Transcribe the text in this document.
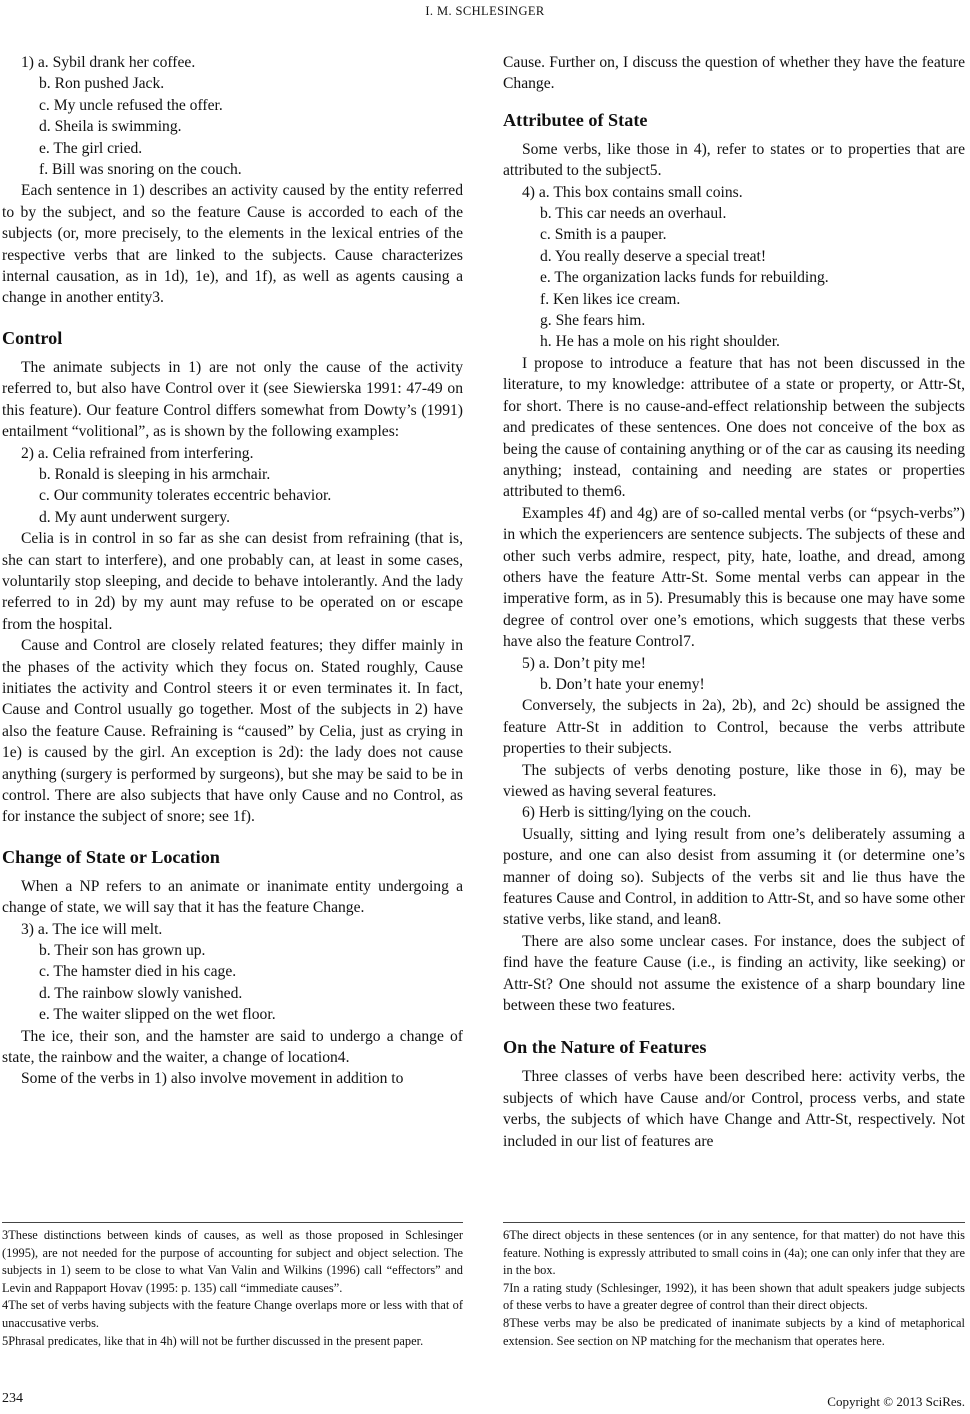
I. M. SCHLESINGER
1) a. Sybil drank her coffee.
b. Ron pushed Jack.
c. My uncle refused the offer.
d. Sheila is swimming.
e. The girl cried.
f. Bill was snoring on the couch.

Each sentence in 1) describes an activity caused by the entity referred to by the subject, and so the feature Cause is accorded to each of the subjects (or, more precisely, to the elements in the lexical entries of the respective verbs that are linked to the subjects. Cause characterizes internal causation, as in 1d), 1e), and 1f), as well as agents causing a change in another entity3.

Control

The animate subjects in 1) are not only the cause of the activity referred to, but also have Control over it (see Siewierska 1991: 47-49 on this feature). Our feature Control differs somewhat from Dowty’s (1991) entailment “volitional”, as is shown by the following examples:

2) a. Celia refrained from interfering.
b. Ronald is sleeping in his armchair.
c. Our community tolerates eccentric behavior.
d. My aunt underwent surgery.

Celia is in control in so far as she can desist from refraining (that is, she can start to interfere), and one probably can, at least in some cases, voluntarily stop sleeping, and decide to behave intolerantly. And the lady referred to in 2d) by my aunt may refuse to be operated on or escape from the hospital.

Cause and Control are closely related features; they differ mainly in the phases of the activity which they focus on. Stated roughly, Cause initiates the activity and Control steers it or even terminates it. In fact, Cause and Control usually go together. Most of the subjects in 2) have also the feature Cause. Refraining is “caused” by Celia, just as crying in 1e) is caused by the girl. An exception is 2d): the lady does not cause anything (surgery is performed by surgeons), but she may be said to be in control. There are also subjects that have only Cause and no Control, as for instance the subject of snore; see 1f).

Change of State or Location

When a NP refers to an animate or inanimate entity undergoing a change of state, we will say that it has the feature Change.

3) a. The ice will melt.
b. Their son has grown up.
c. The hamster died in his cage.
d. The rainbow slowly vanished.
e. The waiter slipped on the wet floor.

The ice, their son, and the hamster are said to undergo a change of state, the rainbow and the waiter, a change of location4.

Some of the verbs in 1) also involve movement in addition to

Cause. Further on, I discuss the question of whether they have the feature Change.

Attributee of State

Some verbs, like those in 4), refer to states or to properties that are attributed to the subject5.

4) a. This box contains small coins.
b. This car needs an overhaul.
c. Smith is a pauper.
d. You really deserve a special treat!
e. The organization lacks funds for rebuilding.
f. Ken likes ice cream.
g. She fears him.
h. He has a mole on his right shoulder.

I propose to introduce a feature that has not been discussed in the literature, to my knowledge: attributee of a state or property, or Attr-St, for short. There is no cause-and-effect relationship between the subjects and predicates of these sentences. One does not conceive of the box as being the cause of containing anything or of the car as causing its needing anything; instead, containing and needing are states or properties attributed to them6.

Examples 4f) and 4g) are of so-called mental verbs (or “psych-verbs”) in which the experiencers are sentence subjects. The subjects of these and other such verbs admire, respect, pity, hate, loathe, and dread, among others have the feature Attr-St. Some mental verbs can appear in the imperative form, as in 5). Presumably this is because one may have some degree of control over one’s emotions, which suggests that these verbs have also the feature Control7.

5) a. Don’t pity me!
b. Don’t hate your enemy!

Conversely, the subjects in 2a), 2b), and 2c) should be assigned the feature Attr-St in addition to Control, because the verbs attribute properties to their subjects.

The subjects of verbs denoting posture, like those in 6), may be viewed as having several features.

6) Herb is sitting/lying on the couch.

Usually, sitting and lying result from one’s deliberately assuming a posture, and one can also desist from assuming it (or determine one’s manner of doing so). Subjects of the verbs sit and lie thus have the features Cause and Control, in addition to Attr-St, and so have some other stative verbs, like stand, and lean8.

There are also some unclear cases. For instance, does the subject of find have the feature Cause (i.e., is finding an activity, like seeking) or Attr-St? One should not assume the existence of a sharp boundary line between these two features.

On the Nature of Features

Three classes of verbs have been described here: activity verbs, the subjects of which have Cause and/or Control, process verbs, and state verbs, the subjects of which have Change and Attr-St, respectively. Not included in our list of features are

3These distinctions between kinds of causes, as well as those proposed in Schlesinger (1995), are not needed for the purpose of accounting for subject and object selection. The subjects in 1) seem to be close to what Van Valin and Wilkins (1996) call “effectors” and Levin and Rappaport Hovav (1995: p. 135) call “immediate causes”.

4The set of verbs having subjects with the feature Change overlaps more or less with that of unaccusative verbs.

5Phrasal predicates, like that in 4h) will not be further discussed in the present paper.

6The direct objects in these sentences (or in any sentence, for that matter) do not have this feature. Nothing is expressly attributed to small coins in (4a); one can only infer that they are in the box.

7In a rating study (Schlesinger, 1992), it has been shown that adult speakers judge subjects of these verbs to have a greater degree of control than their direct objects.

8These verbs may be also be predicated of inanimate subjects by a kind of metaphorical extension. See section on NP matching for the mechanism that operates here.

234	Copyright © 2013 SciRes.
